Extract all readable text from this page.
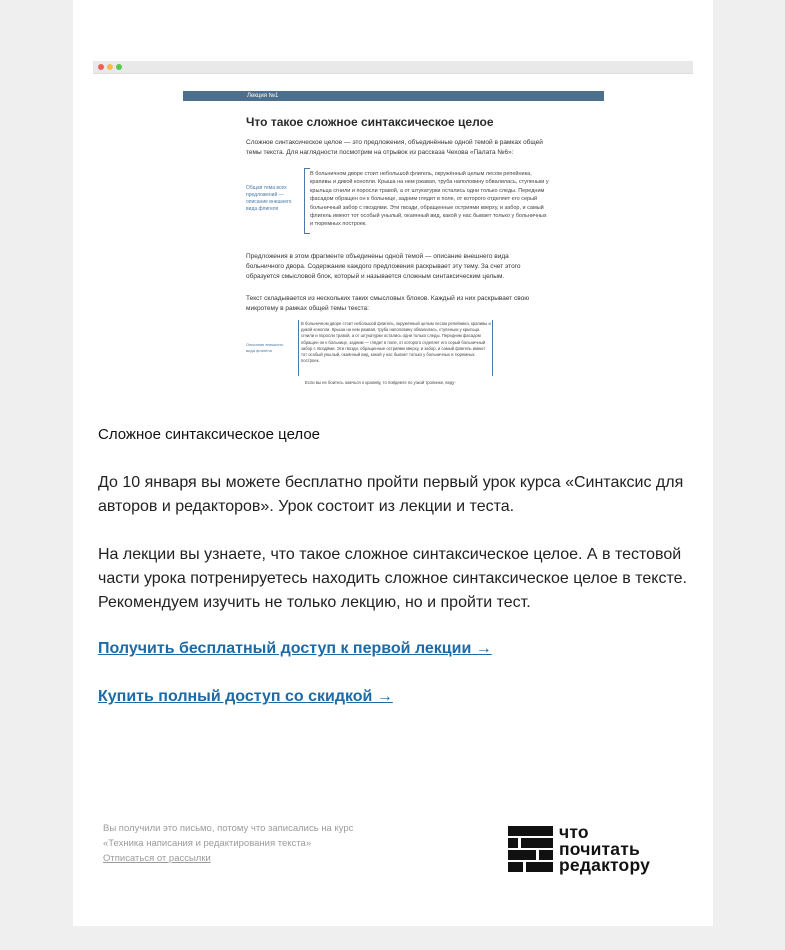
Лекция №1
Что такое сложное синтаксическое целое

Сложное синтаксическое целое — это предложения, объединённые одной темой в рамках общей темы текста. Для наглядности посмотрим на отрывок из рассказа Чехова «Палата №6»:

Общая тема всех предложений — описание внешнего вида флигеля
В больничном дворе стоит небольшой флигель, окружённый целым лесом репейника, крапивы и дикой конопли. Крыша на нем ржавая, труба наполовину обвалилась, ступеньки у крыльца сгнили и поросли травой, а от штукатурки остались одни только следы. Передним фасадом обращен он к больнице, задним глядит в поле, от которого отделяет его серый больничный забор с гвоздями. Эти гвозди, обращенные остриями кверху, и забор, и самый флигель имеют тот особый унылый, окаянный вид, какой у нас бывает только у больничных и тюремных построек.

Предложения в этом фрагменте объединены одной темой — описание внешнего вида больничного двора. Содержание каждого предложения раскрывает эту тему. За счет этого образуется смысловой блок, который и называется сложным синтаксическим целым.

Текст складывается из нескольких таких смысловых блоков. Каждый из них раскрывает свою микротему в рамках общей темы текста:

Описание внешнего вида флигеля
В больничном дворе стоит небольшой флигель, окружённый целым лесом репейника, крапивы и дикой конопли. Крыша на нем ржавая, труба наполовину обвалилась, ступеньки у крыльца сгнили и поросли травой, а от штукатурки остались одни только следы. Передним фасадом обращен он к больнице, задним — глядит в поле, от которого отделяет его серый больничный забор с гвоздями. Эти гвозди, обращенные остриями кверху, и забор, и самый флигель имеют тот особый унылый, окаянный вид, какой у нас бывает только у больничных и тюремных построек.
Если вы не боитесь ожечься о крапиву, то пойдемте по узкой тропинке, веду-
Сложное синтаксическое целое

До 10 января вы можете бесплатно пройти первый урок курса «Синтаксис для авторов и редакторов». Урок состоит из лекции и теста.

На лекции вы узнаете, что такое сложное синтаксическое целое. А в тестовой части урока потренируетесь находить сложное синтаксическое целое в тексте. Рекомендуем изучить не только лекцию, но и пройти тест.

Получить бесплатный доступ к первой лекции →
Купить полный доступ со скидкой →
Вы получили это письмо, потому что записались на курс
«Техника написания и редактирования текста»
Отписаться от рассылки
что
почитать
редактору
